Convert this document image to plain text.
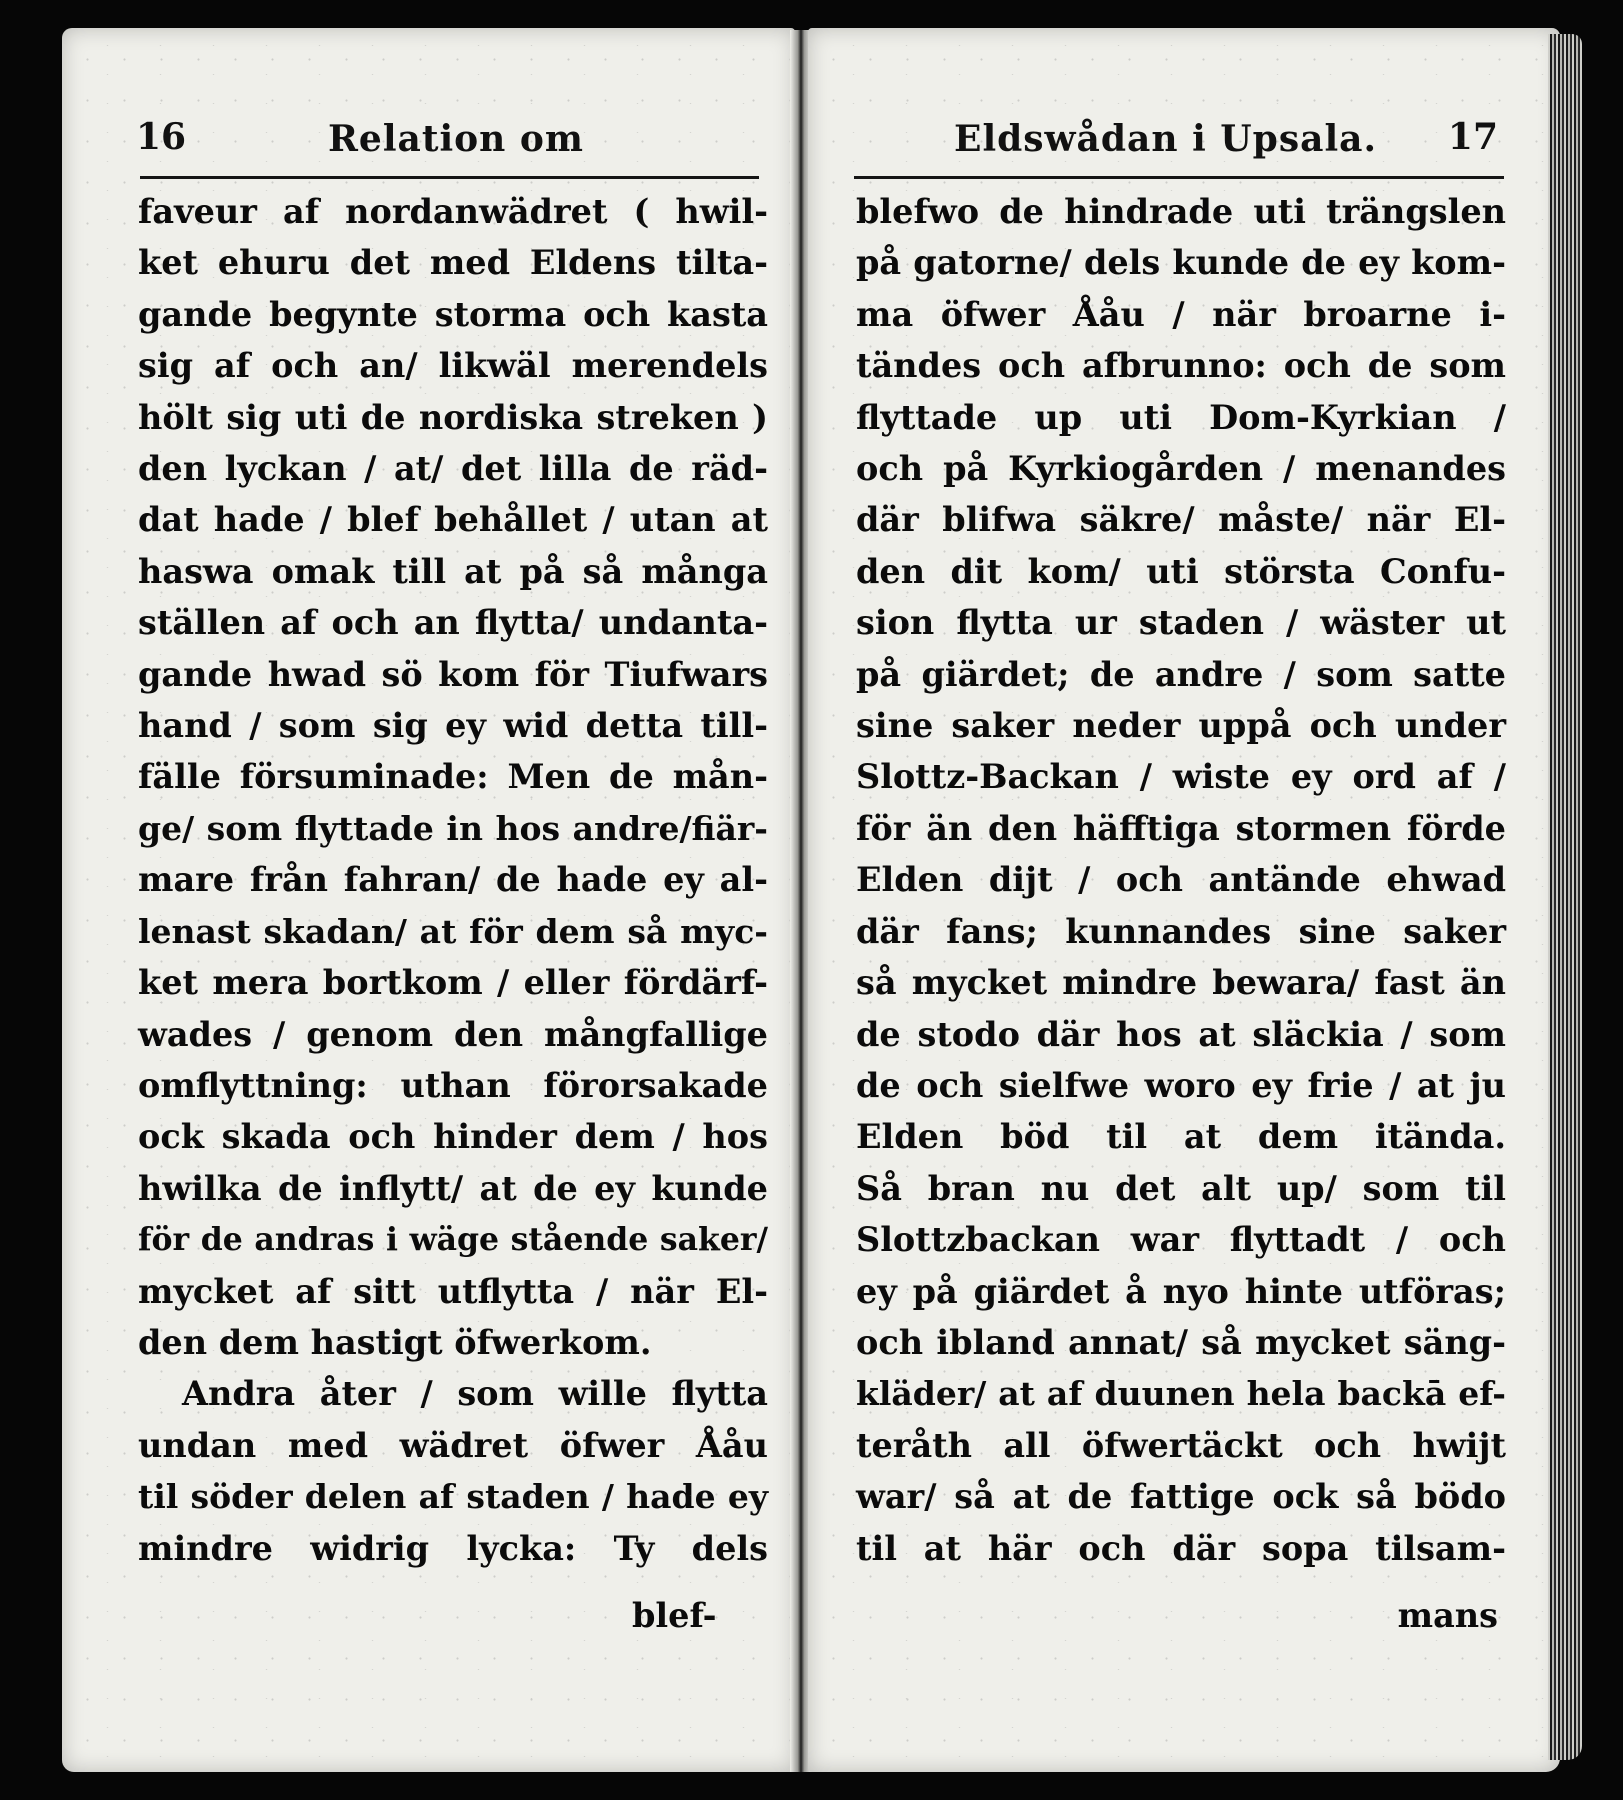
16	Relation om
faveur af nordanwädret ( hwil-
ket ehuru det med Eldens tilta-
gande begynte storma och kasta
sig af och an/ likwäl merendels
hölt sig uti de nordiska streken )
den lyckan / at/ det lilla de räd-
dat hade / blef behållet / utan at
haswa omak till at på så många
ställen af och an flytta/ undanta-
gande hwad sö kom för Tiufwars
hand / som sig ey wid detta till-
fälle försuminade: Men de mån-
ge/ som flyttade in hos andre/fiär-
mare från fahran/ de hade ey al-
lenast skadan/ at för dem så myc-
ket mera bortkom / eller fördärf-
wades / genom den mångfallige
omflyttning: uthan förorsakade
ock skada och hinder dem / hos
hwilka de inflytt/ at de ey kunde
för de andras i wäge stående saker/
mycket af sitt utflytta / när El-
den dem hastigt öfwerkom.
Andra åter / som wille flytta
undan med wädret öfwer Ååu
til söder delen af staden / hade ey
mindre widrig lycka: Ty dels
blef-
Eldswådan i Upsala. 17
blefwo de hindrade uti trängslen
på gatorne/ dels kunde de ey kom-
ma öfwer Ååu / när broarne i-
tändes och afbrunno: och de som
flyttade up uti Dom-Kyrkian /
och på Kyrkiogården / menandes
där blifwa säkre/ måste/ när El-
den dit kom/ uti största Confu-
sion flytta ur staden / wäster ut
på giärdet; de andre / som satte
sine saker neder uppå och under
Slottz-Backan / wiste ey ord af /
för än den häfftiga stormen förde
Elden dijt / och antände ehwad
där fans; kunnandes sine saker
så mycket mindre bewara/ fast än
de stodo där hos at släckia / som
de och sielfwe woro ey frie / at ju
Elden böd til at dem itända.
Så bran nu det alt up/ som til
Slottzbackan war flyttadt / och
ey på giärdet å nyo hinte utföras;
och ibland annat/ så mycket säng-
kläder/ at af duunen hela backā ef-
teråth all öfwertäckt och hwijt
war/ så at de fattige ock så bödo
til at här och där sopa tilsam-
mans
